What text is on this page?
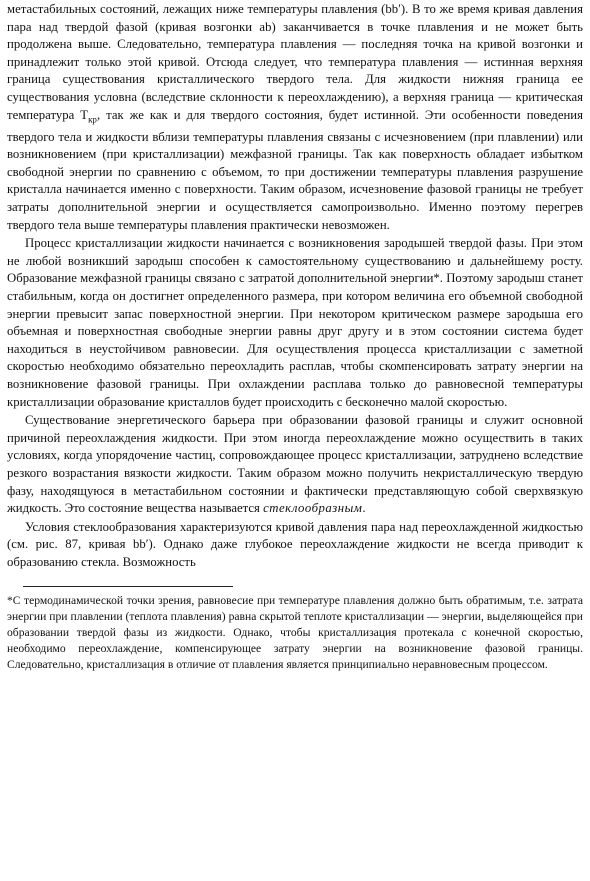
метастабильных состояний, лежащих ниже температуры плавления (bb′). В то же время кривая давления пара над твердой фазой (кривая возгонки ab) заканчивается в точке плавления и не может быть продолжена выше. Следовательно, температура плавления — последняя точка на кривой возгонки и принадлежит только этой кривой. Отсюда следует, что температура плавления — истинная верхняя граница существования кристаллического твердого тела. Для жидкости нижняя граница ее существования условна (вследствие склонности к переохлаждению), а верхняя граница — критическая температура $T_{кр}$, так же как и для твердого состояния, будет истинной. Эти особенности поведения твердого тела и жидкости вблизи температуры плавления связаны с исчезновением (при плавлении) или возникновением (при кристаллизации) межфазной границы. Так как поверхность обладает избытком свободной энергии по сравнению с объемом, то при достижении температуры плавления разрушение кристалла начинается именно с поверхности. Таким образом, исчезновение фазовой границы не требует затраты дополнительной энергии и осуществляется самопроизвольно. Именно поэтому перегрев твердого тела выше температуры плавления практически невозможен.

Процесс кристаллизации жидкости начинается с возникновения зародышей твердой фазы. При этом не любой возникший зародыш способен к самостоятельному существованию и дальнейшему росту. Образование межфазной границы связано с затратой дополнительной энергии*. Поэтому зародыш станет стабильным, когда он достигнет определенного размера, при котором величина его объемной свободной энергии превысит запас поверхностной энергии. При некотором критическом размере зародыша его объемная и поверхностная свободные энергии равны друг другу и в этом состоянии система будет находиться в неустойчивом равновесии. Для осуществления процесса кристаллизации с заметной скоростью необходимо обязательно переохладить расплав, чтобы скомпенсировать затрату энергии на возникновение фазовой границы. При охлаждении расплава только до равновесной температуры кристаллизации образование кристаллов будет происходить с бесконечно малой скоростью.

Существование энергетического барьера при образовании фазовой границы и служит основной причиной переохлаждения жидкости. При этом иногда переохлаждение можно осуществить в таких условиях, когда упорядочение частиц, сопровождающее процесс кристаллизации, затруднено вследствие резкого возрастания вязкости жидкости. Таким образом можно получить некристаллическую твердую фазу, находящуюся в метастабильном состоянии и фактически представляющую собой сверхвязкую жидкость. Это состояние вещества называется стеклообразным.

Условия стеклообразования характеризуются кривой давления пара над переохлажденной жидкостью (см. рис. 87, кривая bb′). Однако даже глубокое переохлаждение жидкости не всегда приводит к образованию стекла. Возможность

*С термодинамической точки зрения, равновесие при температуре плавления должно быть обратимым, т.е. затрата энергии при плавлении (теплота плавления) равна скрытой теплоте кристаллизации — энергии, выделяющейся при образовании твердой фазы из жидкости. Однако, чтобы кристаллизация протекала с конечной скоростью, необходимо переохлаждение, компенсирующее затрату энергии на возникновение фазовой границы. Следовательно, кристаллизация в отличие от плавления является принципиально неравновесным процессом.
